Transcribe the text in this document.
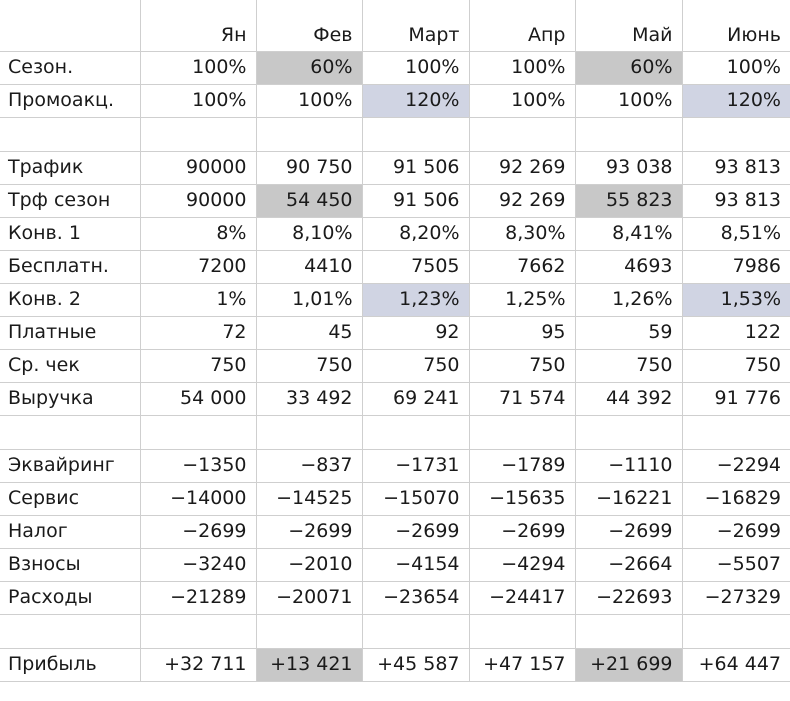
	Ян	Фев	Март	Апр	Май	Июнь
Сезон.	100%	60%	100%	100%	60%	100%
Промоакц.	100%	100%	120%	100%	100%	120%

Трафик	90000	90 750	91 506	92 269	93 038	93 813
Трф сезон	90000	54 450	91 506	92 269	55 823	93 813
Конв. 1	8%	8,10%	8,20%	8,30%	8,41%	8,51%
Бесплатн.	7200	4410	7505	7662	4693	7986
Конв. 2	1%	1,01%	1,23%	1,25%	1,26%	1,53%
Платные	72	45	92	95	59	122
Ср. чек	750	750	750	750	750	750
Выручка	54 000	33 492	69 241	71 574	44 392	91 776

Эквайринг	−1350	−837	−1731	−1789	−1110	−2294
Сервис	−14000	−14525	−15070	−15635	−16221	−16829
Налог	−2699	−2699	−2699	−2699	−2699	−2699
Взносы	−3240	−2010	−4154	−4294	−2664	−5507
Расходы	−21289	−20071	−23654	−24417	−22693	−27329

Прибыль	+32 711	+13 421	+45 587	+47 157	+21 699	+64 447
